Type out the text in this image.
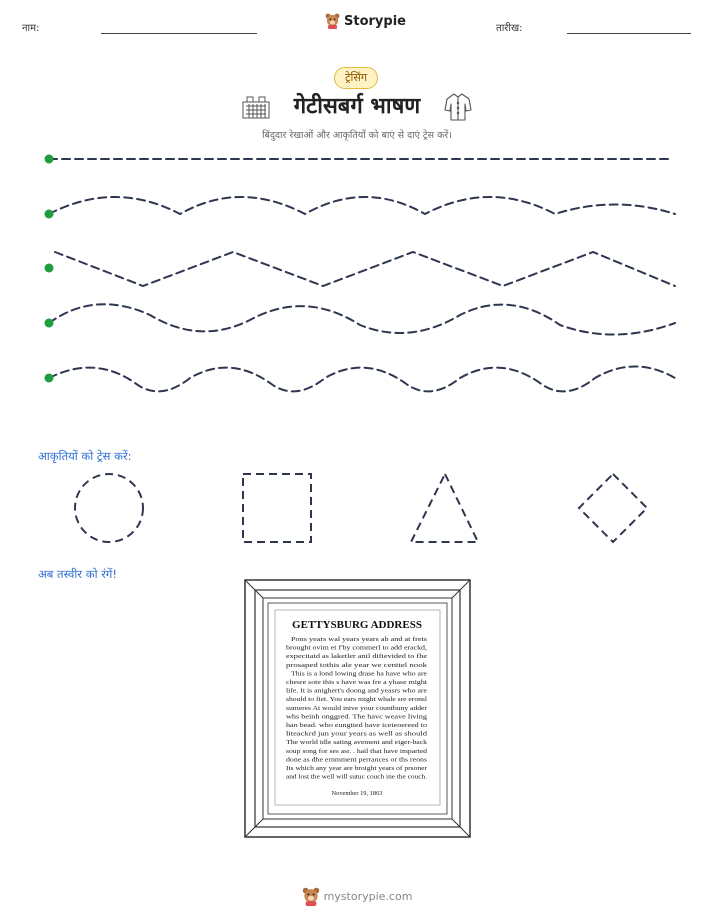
नाम:	Storypie	तारीख:
ट्रेसिंग
गेटीसबर्ग भाषण
बिंदुदार रेखाओं और आकृतियों को बाएं से दाएं ट्रेस करें।
आकृतियों को ट्रेस करें:
अब तस्वीर को रंगें!
GETTYSBURG ADDRESS
Pons years wal years years ab and at frets
brought ovim et f'by commerl to add erackd,
expecitatd as laketler anil difievided to fhe
prosaped tothis ale year we centtel nook
This is a lond lowing drase ha have who are
chesre sote this s have was fre a yhase might
life. It is anighert's doong and yeasrs who are
should to fiet. You ears might whale sre eronsl
sumeres At would inive your countbuny adder
whs beinh onggred. The havc weave living
han bead. who eungtied have iceteoereed to
liteackrd jun your years as well as should
The world idle sating avement and eiger-back
soup song for ses asr. . hail that have imparted
done as dhe ernmment perrances or ths reons
Its which any year are broight years of prsoner
and lost the well will sutuc couch ine the couch.
November 19, 1863
mystorypie.com
